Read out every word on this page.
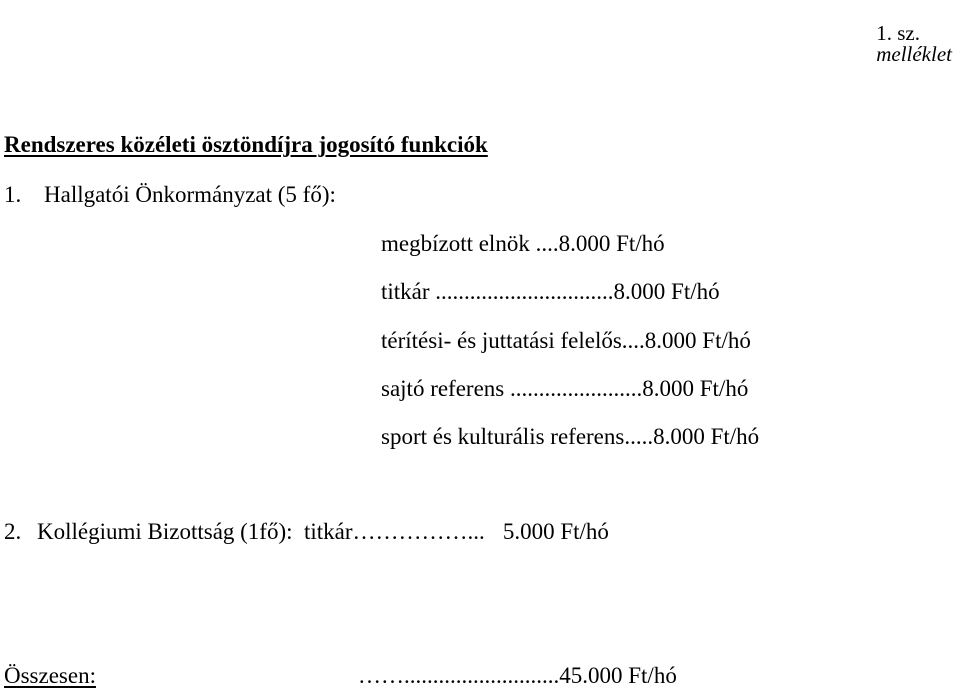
1. sz.
melléklet

Rendszeres közéleti ösztöndíjra jogosító funkciók
1. Hallgatói Önkormányzat (5 fő):
megbízott elnök ....8.000 Ft/hó
titkár ...............................8.000 Ft/hó
térítési- és juttatási felelős....8.000 Ft/hó
sajtó referens .......................8.000 Ft/hó
sport és kulturális referens.....8.000 Ft/hó
2. Kollégiumi Bizottság (1fő):  titkár……………... 5.000 Ft/hó
Összesen:	……...........................45.000 Ft/hó
